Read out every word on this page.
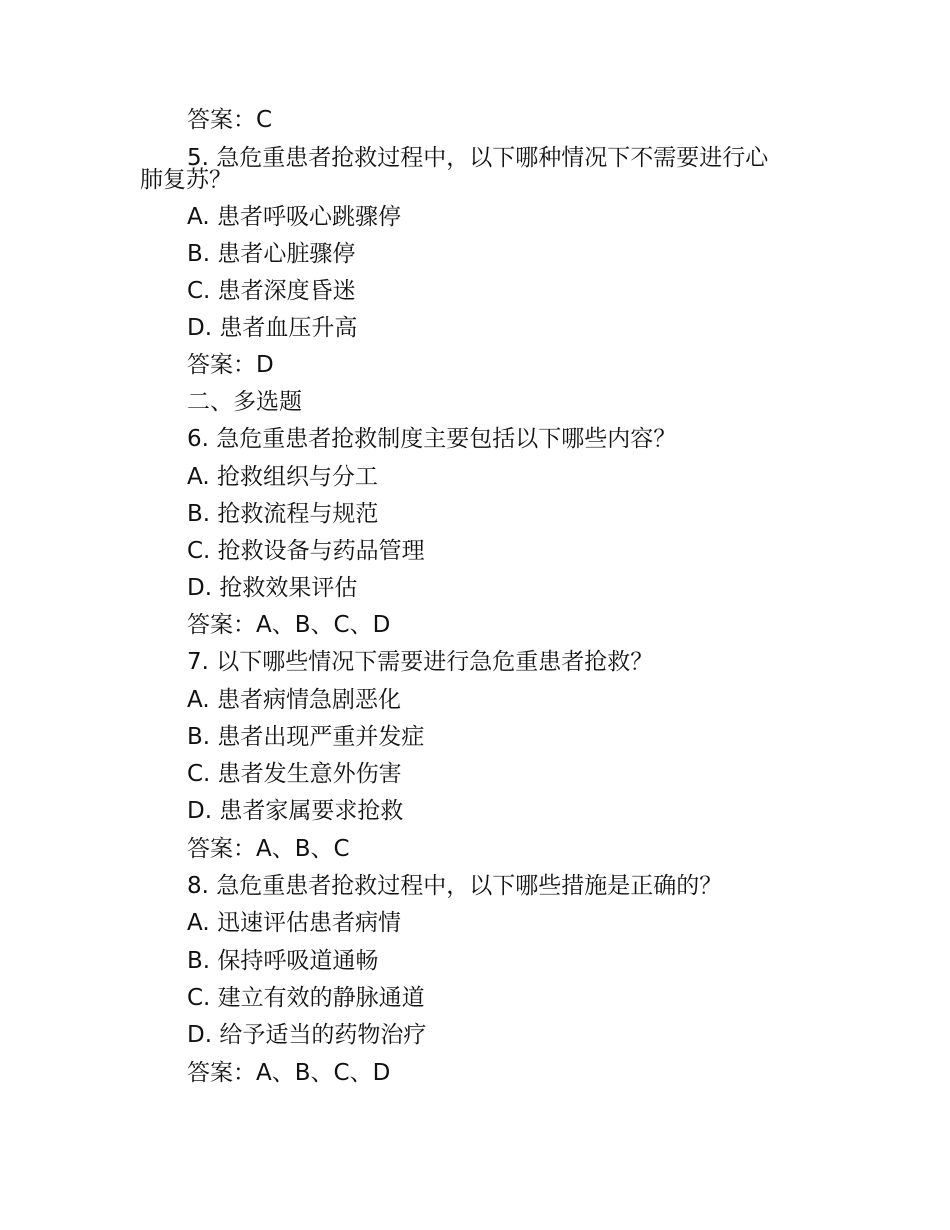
答案：C
5. 急危重患者抢救过程中，以下哪种情况下不需要进行心
肺复苏？
A. 患者呼吸心跳骤停
B. 患者心脏骤停
C. 患者深度昏迷
D. 患者血压升高
答案：D
二、多选题
6. 急危重患者抢救制度主要包括以下哪些内容？
A. 抢救组织与分工
B. 抢救流程与规范
C. 抢救设备与药品管理
D. 抢救效果评估
答案：A、B、C、D
7. 以下哪些情况下需要进行急危重患者抢救？
A. 患者病情急剧恶化
B. 患者出现严重并发症
C. 患者发生意外伤害
D. 患者家属要求抢救
答案：A、B、C
8. 急危重患者抢救过程中，以下哪些措施是正确的？
A. 迅速评估患者病情
B. 保持呼吸道通畅
C. 建立有效的静脉通道
D. 给予适当的药物治疗
答案：A、B、C、D
